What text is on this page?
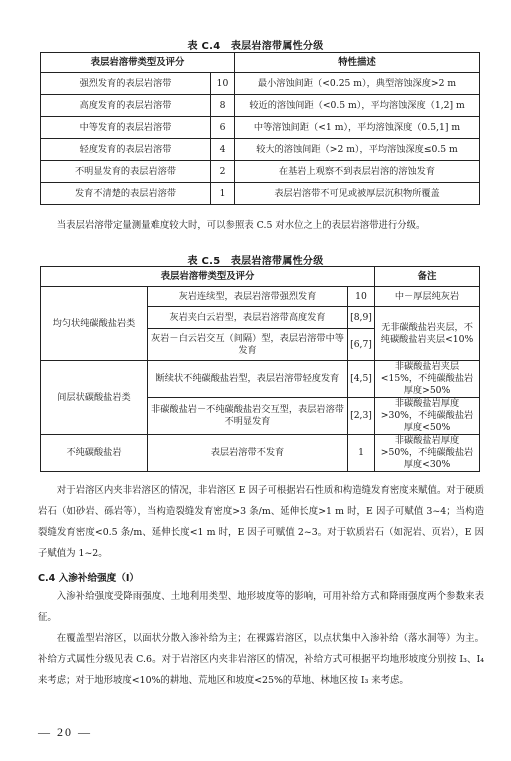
表 C.4　表层岩溶带属性分级
表层岩溶带类型及评分		特性描述
强烈发育的表层岩溶带	10	最小溶蚀间距（<0.25 m），典型溶蚀深度>2 m
高度发育的表层岩溶带	8	较近的溶蚀间距（<0.5 m），平均溶蚀深度（1,2] m
中等发育的表层岩溶带	6	中等溶蚀间距（<1 m），平均溶蚀深度（0.5,1] m
轻度发育的表层岩溶带	4	较大的溶蚀间距（>2 m），平均溶蚀深度≤0.5 m
不明显发育的表层岩溶带	2	在基岩上观察不到表层岩溶的溶蚀发育
发育不清楚的表层岩溶带	1	表层岩溶带不可见或被厚层沉积物所覆盖

当表层岩溶带定量测量难度较大时，可以参照表 C.5 对水位之上的表层岩溶带进行分级。

表 C.5　表层岩溶带属性分级
表层岩溶带类型及评分			备注
均匀状纯碳酸盐岩类	灰岩连续型，表层岩溶带强烈发育	10	中－厚层纯灰岩
	灰岩夹白云岩型，表层岩溶带高度发育	[8,9]	无非碳酸盐岩夹层，不纯碳酸盐岩夹层<10%
	灰岩－白云岩交互（间隔）型，表层岩溶带中等发育	[6,7]	
间层状碳酸盐岩类	断续状不纯碳酸盐岩型，表层岩溶带轻度发育	[4,5]	非碳酸盐岩夹层<15%，不纯碳酸盐岩厚度>50%
	非碳酸盐岩－不纯碳酸盐岩交互型，表层岩溶带不明显发育	[2,3]	非碳酸盐岩厚度>30%，不纯碳酸盐岩厚度<50%
不纯碳酸盐岩	表层岩溶带不发育	1	非碳酸盐岩厚度>50%，不纯碳酸盐岩厚度<30%

对于岩溶区内夹非岩溶区的情况，非岩溶区 E 因子可根据岩石性质和构造缝发育密度来赋值。对于硬质岩石（如砂岩、砾岩等），当构造裂缝发育密度>3 条/m、延伸长度>1 m 时，E 因子可赋值 3~4；当构造裂缝发育密度<0.5 条/m、延伸长度<1 m 时，E 因子可赋值 2~3。对于软质岩石（如泥岩、页岩），E 因子赋值为 1~2。

C.4 入渗补给强度（I）

入渗补给强度受降雨强度、土地利用类型、地形坡度等的影响，可用补给方式和降雨强度两个参数来表征。

在覆盖型岩溶区，以面状分散入渗补给为主；在裸露岩溶区，以点状集中入渗补给（落水洞等）为主。补给方式属性分级见表 C.6。对于岩溶区内夹非岩溶区的情况，补给方式可根据平均地形坡度分别按 I₃、I₄ 来考虑；对于地形坡度<10%的耕地、荒地区和坡度<25%的草地、林地区按 I₃ 来考虑。

— 20 —
